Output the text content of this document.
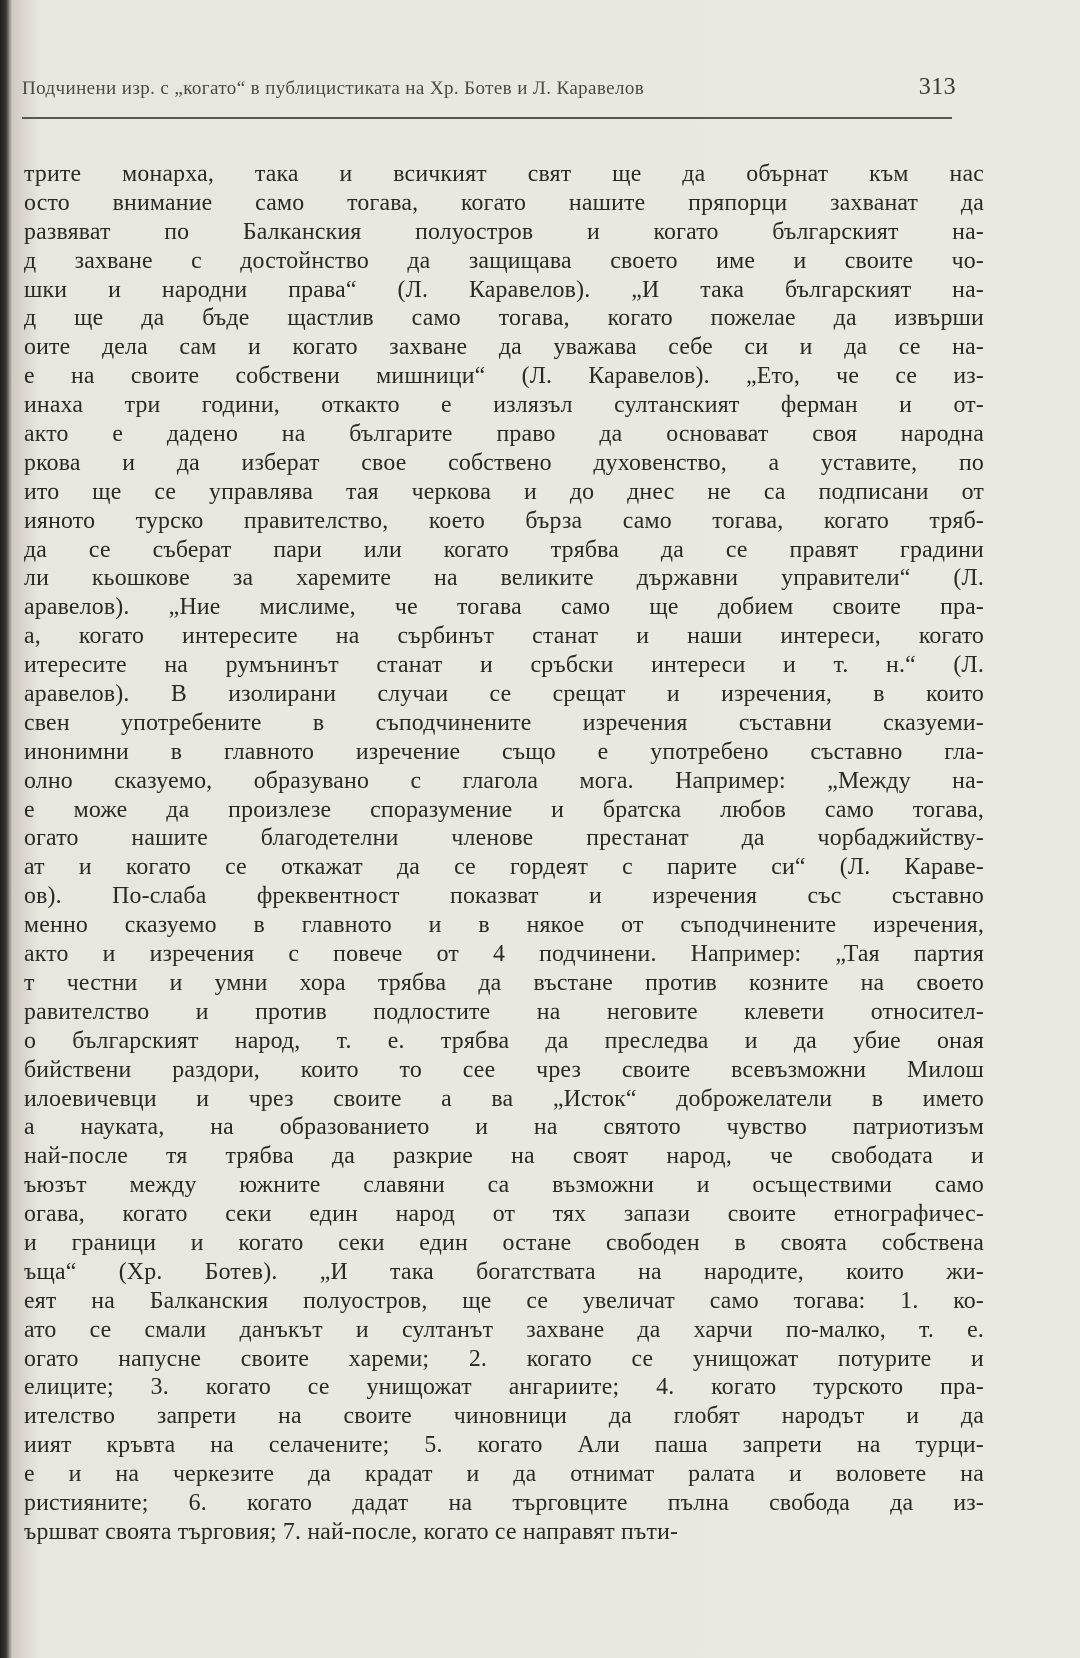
Подчинени изр. с „когато“ в публицистиката на Хр. Ботев и Л. Каравелов	313
трите монарха, така и всичкият свят ще да обърнат към нас
осто внимание само тогава, когато нашите пряпорци захванат да
развяват по Балканския полуостров и когато българският на-
д захване с достойнство да защищава своето име и своите чо-
шки и народни права“ (Л. Каравелов). „И така българският на-
д ще да бъде щастлив само тогава, когато пожелае да извърши
оите дела сам и когато захване да уважава себе си и да се на-
е на своите собствени мишници“ (Л. Каравелов). „Ето, че се из-
инаха три години, откакто е излязъл султанският ферман и от-
акто е дадено на българите право да основават своя народна
ркова и да изберат свое собствено духовенство, а уставите, по
ито ще се управлява тая черкова и до днес не са подписани от
ияното турско правителство, което бърза само тогава, когато тряб-
да се съберат пари или когато трябва да се правят градини
ли кьошкове за харемите на великите държавни управители“ (Л.
аравелов). „Ние мислиме, че тогава само ще добием своите пра-
а, когато интересите на сърбинът станат и наши интереси, когато
итересите на румънинът станат и сръбски интереси и т. н.“ (Л.
аравелов). В изолирани случаи се срещат и изречения, в които
свен употребените в съподчинените изречения съставни сказуеми-
инонимни в главното изречение също е употребено съставно гла-
олно сказуемо, образувано с глагола мога. Например: „Между на-
е може да произлезе споразумение и братска любов само тогава,
огато нашите благодетелни членове престанат да чорбаджийству-
ат и когато се откажат да се гордеят с парите си“ (Л. Караве-
ов). По-слаба фреквентност показват и изречения със съставно
менно сказуемо в главното и в някое от съподчинените изречения,
акто и изречения с повече от 4 подчинени. Например: „Тая партия
т честни и умни хора трябва да въстане против козните на своето
равителство и против подлостите на неговите клевети относител-
о българският народ, т. е. трябва да преследва и да убие оная
бийствени раздори, които то сее чрез своите всевъзможни Милош
илоевичевци и чрез своите а ва „Исток“ доброжелатели в името
а науката, на образованието и на святото чувство патриотизъм
най-после тя трябва да разкрие на своят народ, че свободата и
ъюзът между южните славяни са възможни и осъществими само
огава, когато секи един народ от тях запази своите етнографичес-
и граници и когато секи един остане свободен в своята собствена
ъща“ (Хр. Ботев). „И така богатствата на народите, които жи-
еят на Балканския полуостров, ще се увеличат само тогава: 1. ко-
ато се смали данъкът и султанът захване да харчи по-малко, т. е.
огато напусне своите хареми; 2. когато се унищожат потурите и
елиците; 3. когато се унищожат ангариите; 4. когато турското пра-
ителство запрети на своите чиновници да глобят народът и да
иият кръвта на селачените; 5. когато Али паша запрети на турци-
е и на черкезите да крадат и да отнимат ралата и воловете на
ристияните; 6. когато дадат на търговците пълна свобода да из-
ършват своята търговия; 7. най-после, когато се направят пъти-
